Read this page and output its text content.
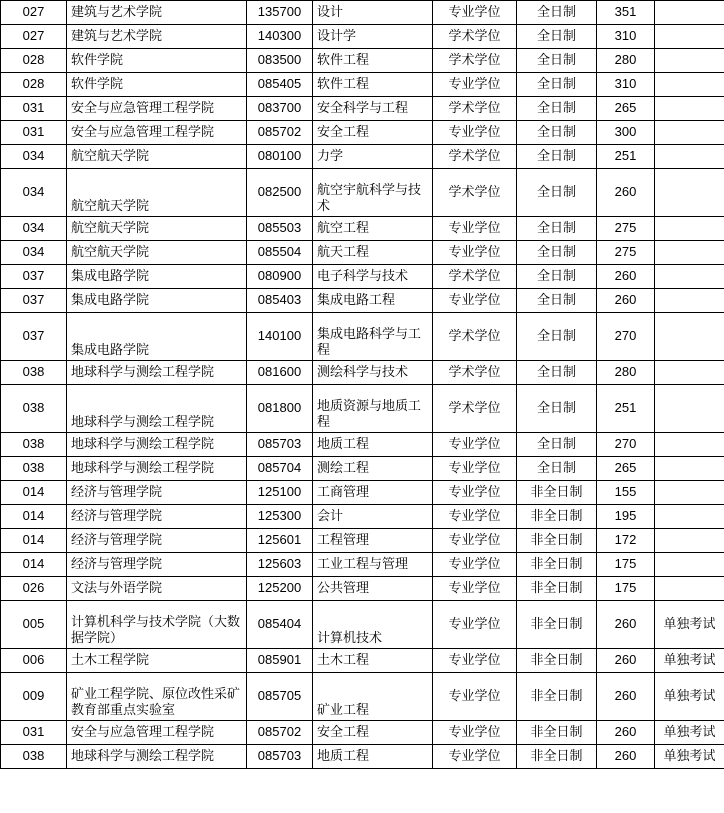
027	建筑与艺术学院	135700	设计	专业学位	全日制	351	
027	建筑与艺术学院	140300	设计学	学术学位	全日制	310	
028	软件学院	083500	软件工程	学术学位	全日制	280	
028	软件学院	085405	软件工程	专业学位	全日制	310	
031	安全与应急管理工程学院	083700	安全科学与工程	学术学位	全日制	265	
031	安全与应急管理工程学院	085702	安全工程	专业学位	全日制	300	
034	航空航天学院	080100	力学	学术学位	全日制	251	
034	航空航天学院	082500	航空宇航科学与技术	学术学位	全日制	260	
034	航空航天学院	085503	航空工程	专业学位	全日制	275	
034	航空航天学院	085504	航天工程	专业学位	全日制	275	
037	集成电路学院	080900	电子科学与技术	学术学位	全日制	260	
037	集成电路学院	085403	集成电路工程	专业学位	全日制	260	
037	集成电路学院	140100	集成电路科学与工程	学术学位	全日制	270	
038	地球科学与测绘工程学院	081600	测绘科学与技术	学术学位	全日制	280	
038	地球科学与测绘工程学院	081800	地质资源与地质工程	学术学位	全日制	251	
038	地球科学与测绘工程学院	085703	地质工程	专业学位	全日制	270	
038	地球科学与测绘工程学院	085704	测绘工程	专业学位	全日制	265	
014	经济与管理学院	125100	工商管理	专业学位	非全日制	155	
014	经济与管理学院	125300	会计	专业学位	非全日制	195	
014	经济与管理学院	125601	工程管理	专业学位	非全日制	172	
014	经济与管理学院	125603	工业工程与管理	专业学位	非全日制	175	
026	文法与外语学院	125200	公共管理	专业学位	非全日制	175	
005	计算机科学与技术学院（大数据学院）	085404	计算机技术	专业学位	非全日制	260	单独考试
006	土木工程学院	085901	土木工程	专业学位	非全日制	260	单独考试
009	矿业工程学院、原位改性采矿教育部重点实验室	085705	矿业工程	专业学位	非全日制	260	单独考试
031	安全与应急管理工程学院	085702	安全工程	专业学位	非全日制	260	单独考试
038	地球科学与测绘工程学院	085703	地质工程	专业学位	非全日制	260	单独考试
